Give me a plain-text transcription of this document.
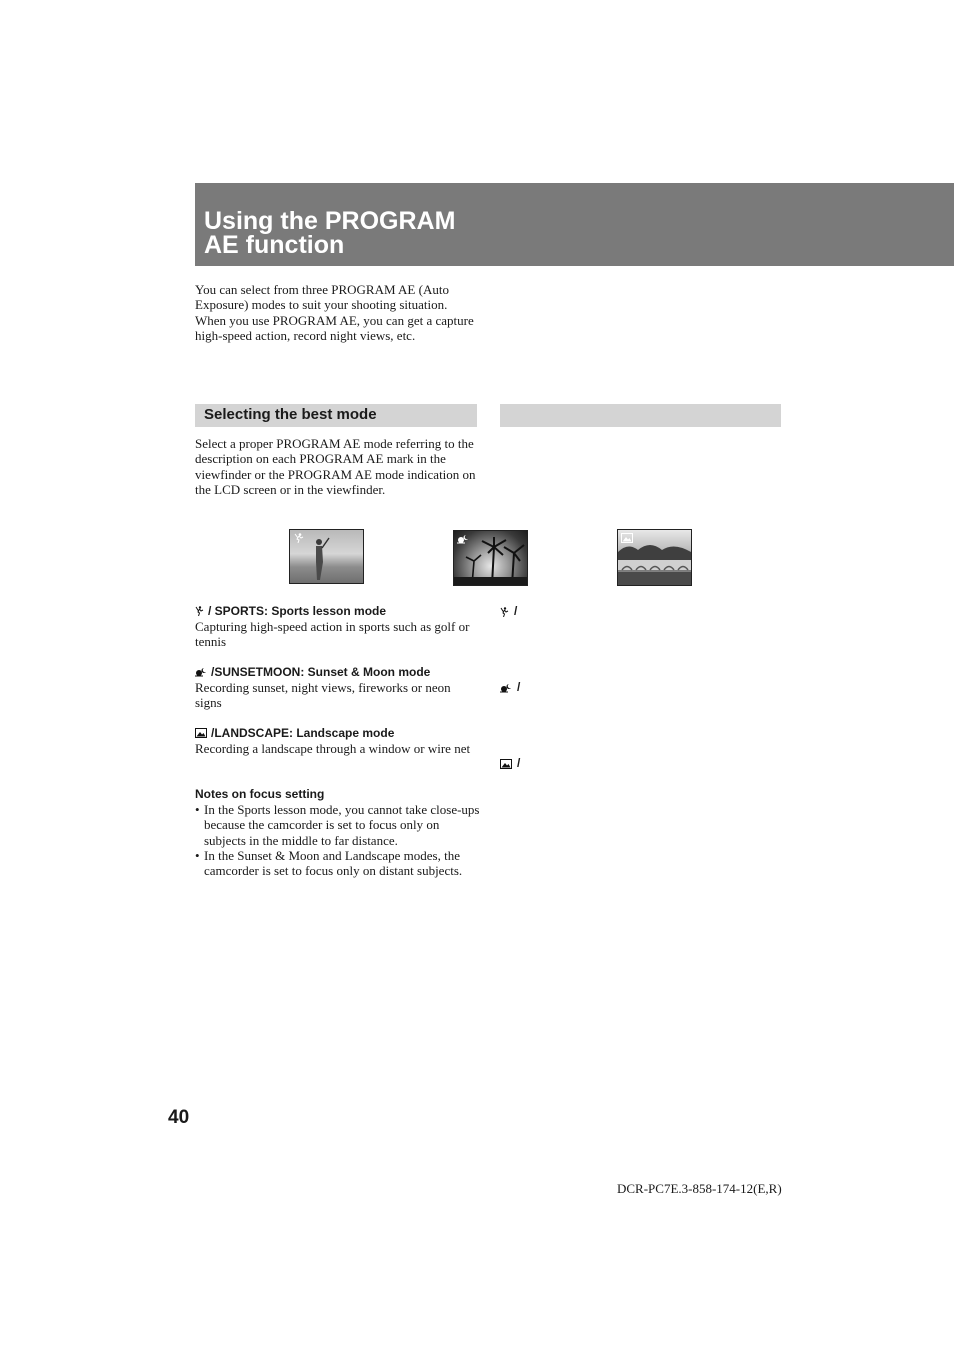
Using the PROGRAM
AE function
You can select from three PROGRAM AE (Auto Exposure) modes to suit your shooting situation. When you use PROGRAM AE, you can get a capture high-speed action, record night views, etc.
Selecting the best mode
Select a proper PROGRAM AE mode referring to the description on each PROGRAM AE mark in the viewfinder or the PROGRAM AE mode indication on the LCD screen or in the viewfinder.
/ SPORTS: Sports lesson mode
Capturing high-speed action in sports such as golf or tennis
/SUNSETMOON: Sunset & Moon mode
Recording sunset, night views, fireworks or neon signs
/LANDSCAPE: Landscape mode
Recording a landscape through a window or wire net
Notes on focus setting
• In the Sports lesson mode, you cannot take close-ups because the camcorder is set to focus only on subjects in the middle to far distance.
• In the Sunset & Moon and Landscape modes, the camcorder is set to focus only on distant subjects.
/
/
/
40
DCR-PC7E.3-858-174-12(E,R)
